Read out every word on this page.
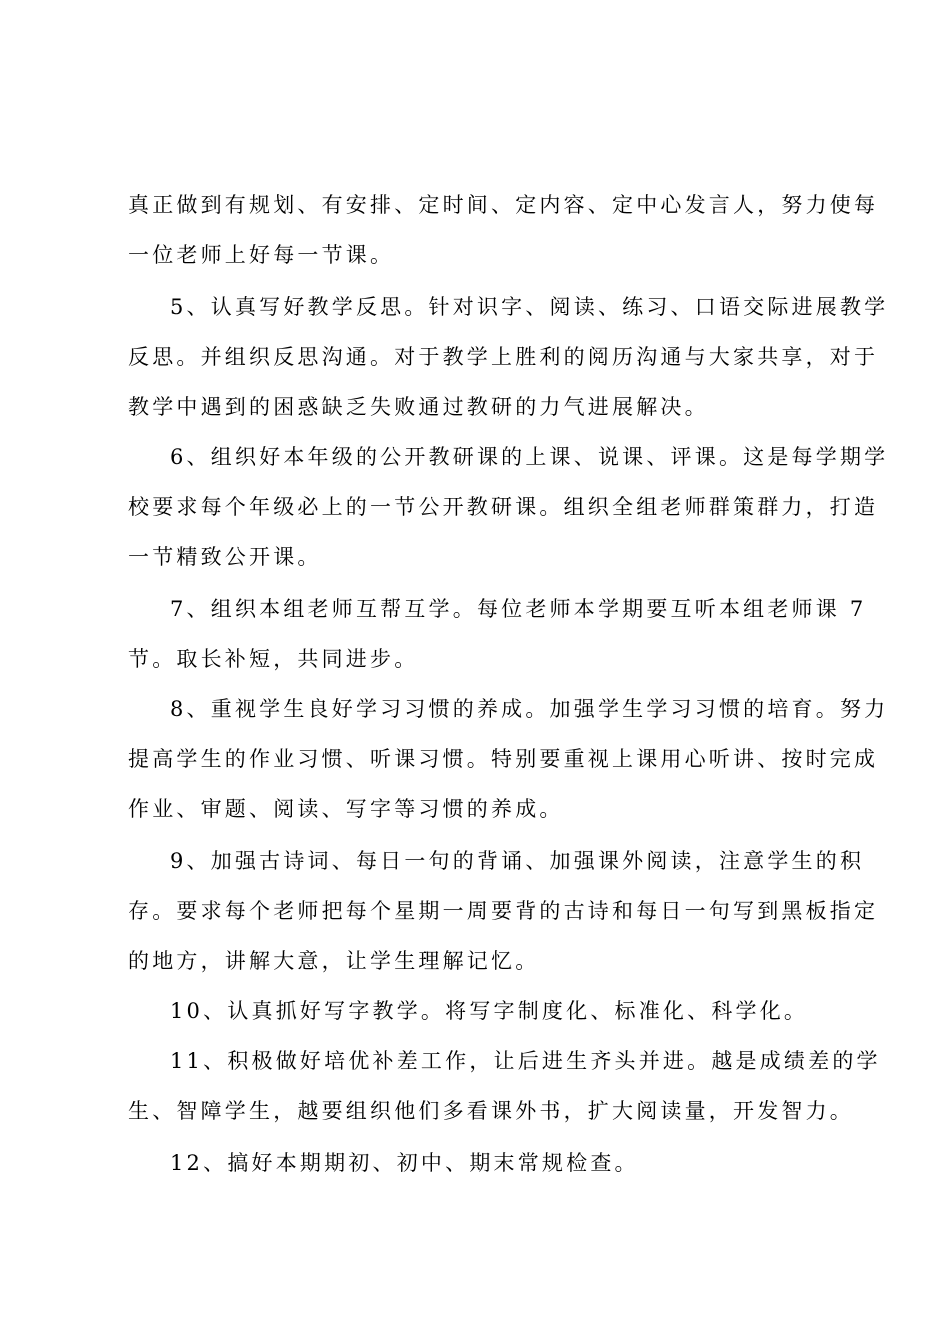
真正做到有规划、有安排、定时间、定内容、定中心发言人，努力使每
一位老师上好每一节课。
5、认真写好教学反思。针对识字、阅读、练习、口语交际进展教学
反思。并组织反思沟通。对于教学上胜利的阅历沟通与大家共享，对于
教学中遇到的困惑缺乏失败通过教研的力气进展解决。
6、组织好本年级的公开教研课的上课、说课、评课。这是每学期学
校要求每个年级必上的一节公开教研课。组织全组老师群策群力，打造
一节精致公开课。
7、组织本组老师互帮互学。每位老师本学期要互听本组老师课 7
节。取长补短，共同进步。
8、重视学生良好学习习惯的养成。加强学生学习习惯的培育。努力
提高学生的作业习惯、听课习惯。特别要重视上课用心听讲、按时完成
作业、审题、阅读、写字等习惯的养成。
9、加强古诗词、每日一句的背诵、加强课外阅读，注意学生的积
存。要求每个老师把每个星期一周要背的古诗和每日一句写到黑板指定
的地方，讲解大意，让学生理解记忆。
10、认真抓好写字教学。将写字制度化、标准化、科学化。
11、积极做好培优补差工作，让后进生齐头并进。越是成绩差的学
生、智障学生，越要组织他们多看课外书，扩大阅读量，开发智力。
12、搞好本期期初、初中、期末常规检查。
